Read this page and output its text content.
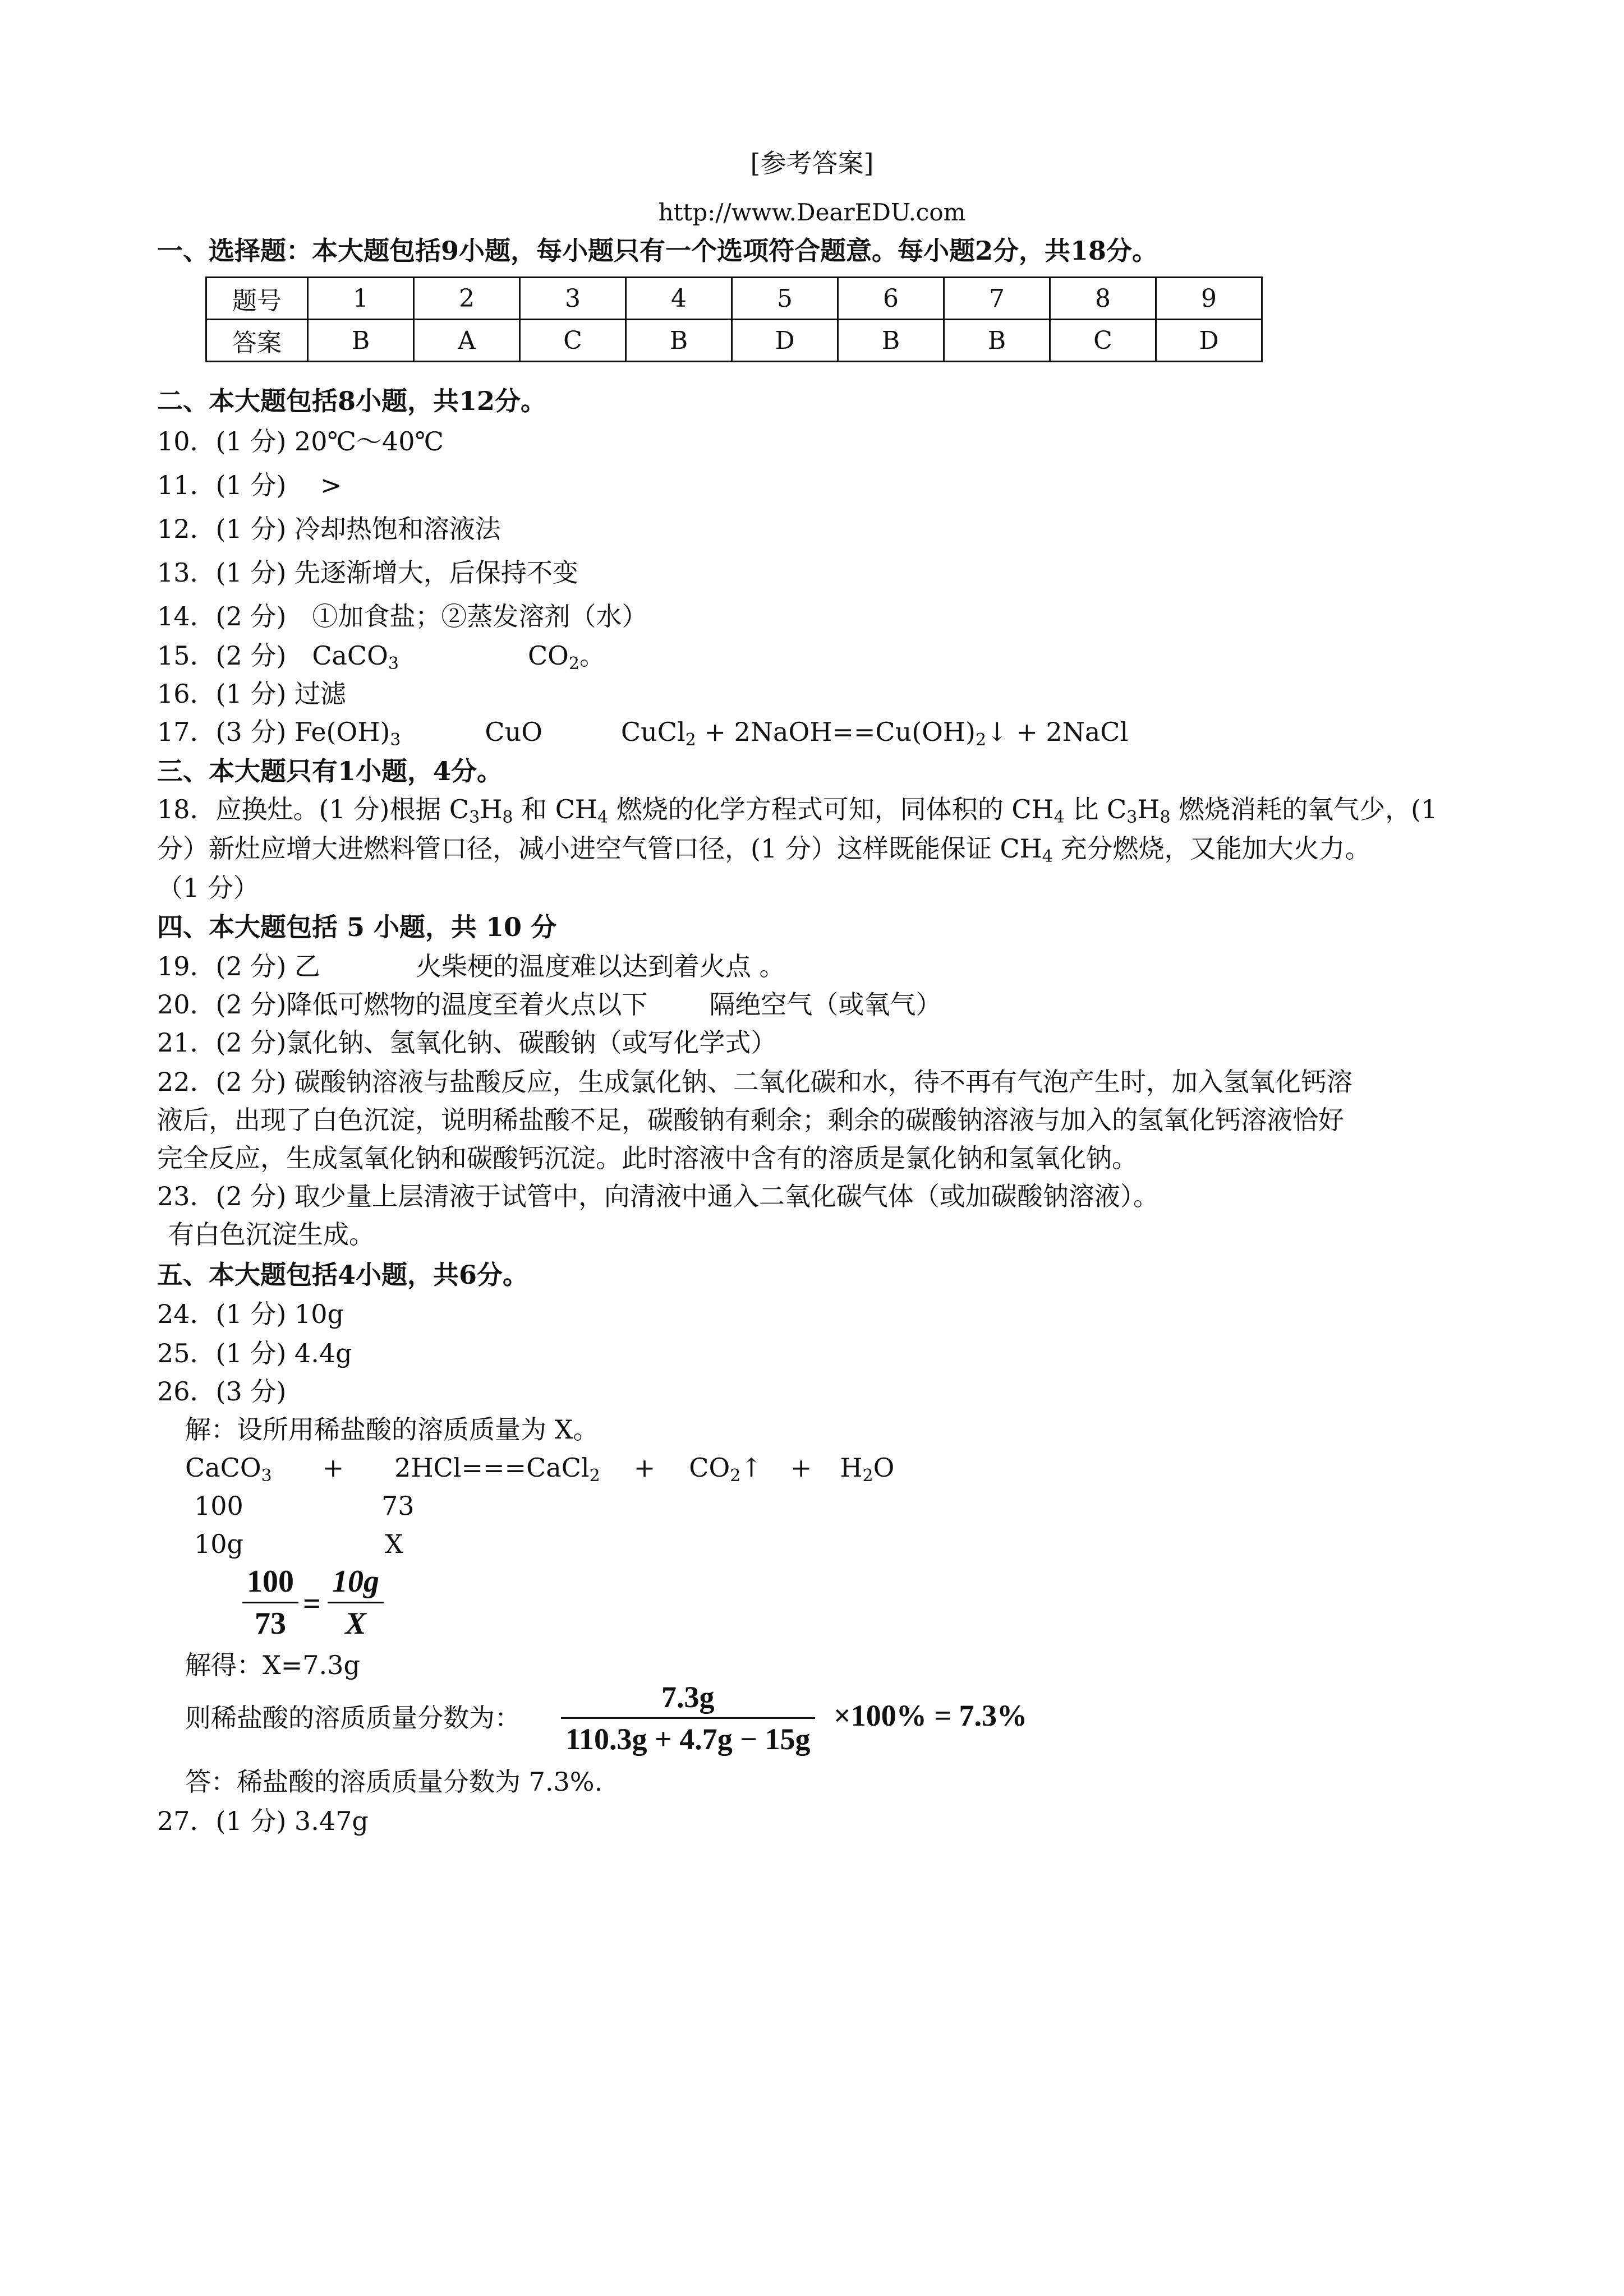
[参考答案]
http://www.DearEDU.com
一、选择题：本大题包括9小题，每小题只有一个选项符合题意。每小题2分，共18分。
题号	1	2	3	4	5	6	7	8	9
答案	B	A	C	B	D	B	B	C	D
二、本大题包括8小题，共12分。
10．(1 分) 20℃～40℃
11．(1 分)　 >
12．(1 分) 冷却热饱和溶液法
13．(1 分) 先逐渐增大，后保持不变
14．(2 分)　①加食盐；②蒸发溶剂（水）
15．(2 分)　CaCO$_3$	$CO_2$。
16．(1 分) 过滤
17．(3 分) $Fe(OH)_3$	CuO	CuCl$_2$ + $2NaOH==Cu(OH)_2↓$ + 2NaCl
三、本大题只有1小题，4分。
18．应换灶。(1 分)根据 $C_3H_8$ 和 $CH_4$ 燃烧的化学方程式可知，同体积的 $CH_4$ 比 $C_3H_8$ 燃烧消耗的氧气少，(1
分）新灶应增大进燃料管口径，减小进空气管口径，(1 分）这样既能保证 $CH_4$ 充分燃烧，又能加大火力。
（1 分）
四、本大题包括 5 小题，共 10 分
19．(2 分) 乙	火柴梗的温度难以达到着火点 。
20．(2 分)降低可燃物的温度至着火点以下 隔绝空气（或氧气）
21．(2 分)氯化钠、氢氧化钠、碳酸钠（或写化学式）
22．(2 分) 碳酸钠溶液与盐酸反应，生成氯化钠、二氧化碳和水，待不再有气泡产生时，加入氢氧化钙溶
液后，出现了白色沉淀，说明稀盐酸不足，碳酸钠有剩余；剩余的碳酸钠溶液与加入的氢氧化钙溶液恰好
完全反应，生成氢氧化钠和碳酸钙沉淀。此时溶液中含有的溶质是氯化钠和氢氧化钠。
23．(2 分) 取少量上层清液于试管中，向清液中通入二氧化碳气体（或加碳酸钠溶液）。
有白色沉淀生成。
五、本大题包括4小题，共6分。
24．(1 分) 10g
25．(1 分) 4.4g
26．(3 分)
解：设所用稀盐酸的溶质质量为 X。
CaCO$_3$ + 2HCl===CaCl$_2$ + $CO_2↑ + H_2O$
100	73
10g	X
100
73
=
10g
X
解得：X=7.3g
则稀盐酸的溶质质量分数为：
7.3g
110.3g + 4.7g − 15g
×100% = 7.3%
答：稀盐酸的溶质质量分数为 7.3%.
27．(1 分) 3.47g
